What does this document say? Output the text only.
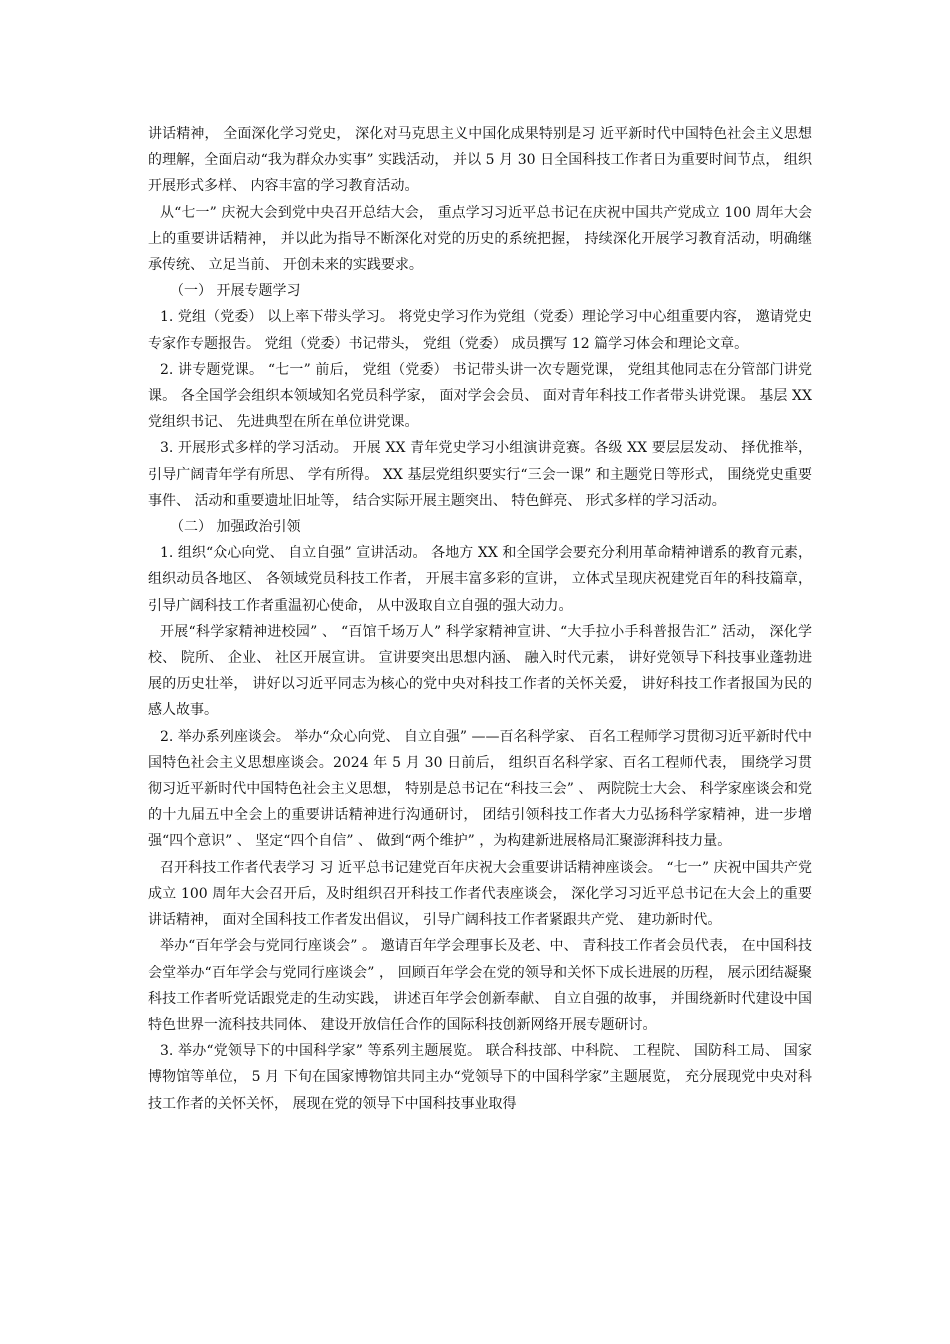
讲话精神， 全面深化学习党史， 深化对马克思主义中国化成果特别是习 近平新时代中国特色社会主义思想的理解，全面启动“我为群众办实事” 实践活动， 并以 5 月 30 日全国科技工作者日为重要时间节点， 组织开展形式多样、 内容丰富的学习教育活动。

从“七一” 庆祝大会到党中央召开总结大会， 重点学习习近平总书记在庆祝中国共产党成立 100 周年大会上的重要讲话精神， 并以此为指导不断深化对党的历史的系统把握， 持续深化开展学习教育活动，明确继承传统、 立足当前、 开创未来的实践要求。

（一） 开展专题学习

1. 党组（党委） 以上率下带头学习。 将党史学习作为党组（党委）理论学习中心组重要内容， 邀请党史专家作专题报告。 党组（党委）书记带头， 党组（党委） 成员撰写 12 篇学习体会和理论文章。

2. 讲专题党课。 “七一” 前后， 党组（党委） 书记带头讲一次专题党课， 党组其他同志在分管部门讲党课。 各全国学会组织本领域知名党员科学家， 面对学会会员、 面对青年科技工作者带头讲党课。 基层 XX 党组织书记、 先进典型在所在单位讲党课。

3. 开展形式多样的学习活动。 开展 XX 青年党史学习小组演讲竞赛。各级 XX 要层层发动、 择优推举， 引导广阔青年学有所思、 学有所得。 XX 基层党组织要实行“三会一课” 和主题党日等形式， 围绕党史重要事件、 活动和重要遗址旧址等， 结合实际开展主题突出、 特色鲜亮、 形式多样的学习活动。

（二） 加强政治引领

1. 组织“众心向党、 自立自强” 宣讲活动。 各地方 XX 和全国学会要充分利用革命精神谱系的教育元素， 组织动员各地区、 各领域党员科技工作者， 开展丰富多彩的宣讲， 立体式呈现庆祝建党百年的科技篇章， 引导广阔科技工作者重温初心使命， 从中汲取自立自强的强大动力。

开展“科学家精神进校园” 、 “百馆千场万人” 科学家精神宣讲、“大手拉小手科普报告汇” 活动， 深化学校、 院所、 企业、 社区开展宣讲。 宣讲要突出思想内涵、 融入时代元素， 讲好党领导下科技事业蓬勃进展的历史壮举， 讲好以习近平同志为核心的党中央对科技工作者的关怀关爱， 讲好科技工作者报国为民的感人故事。

2. 举办系列座谈会。 举办“众心向党、 自立自强” ——百名科学家、 百名工程师学习贯彻习近平新时代中国特色社会主义思想座谈会。2024 年 5 月 30 日前后， 组织百名科学家、百名工程师代表， 围绕学习贯彻习近平新时代中国特色社会主义思想， 特别是总书记在“科技三会” 、 两院院士大会、 科学家座谈会和党的十九届五中全会上的重要讲话精神进行沟通研讨， 团结引领科技工作者大力弘扬科学家精神，进一步增强“四个意识” 、 坚定“四个自信” 、 做到“两个维护” ，为构建新进展格局汇聚澎湃科技力量。

召开科技工作者代表学习 习 近平总书记建党百年庆祝大会重要讲话精神座谈会。 “七一” 庆祝中国共产党成立 100 周年大会召开后，及时组织召开科技工作者代表座谈会， 深化学习习近平总书记在大会上的重要讲话精神， 面对全国科技工作者发出倡议， 引导广阔科技工作者紧跟共产党、 建功新时代。

举办“百年学会与党同行座谈会” 。 邀请百年学会理事长及老、中、 青科技工作者会员代表， 在中国科技会堂举办“百年学会与党同行座谈会” ， 回顾百年学会在党的领导和关怀下成长进展的历程， 展示团结凝聚科技工作者听党话跟党走的生动实践， 讲述百年学会创新奉献、 自立自强的故事， 并围绕新时代建设中国特色世界一流科技共同体、 建设开放信任合作的国际科技创新网络开展专题研讨。

3. 举办“党领导下的中国科学家” 等系列主题展览。 联合科技部、中科院、 工程院、 国防科工局、 国家博物馆等单位， 5 月 下旬在国家博物馆共同主办“党领导下的中国科学家”主题展览， 充分展现党中央对科技工作者的关怀关怀， 展现在党的领导下中国科技事业取得
